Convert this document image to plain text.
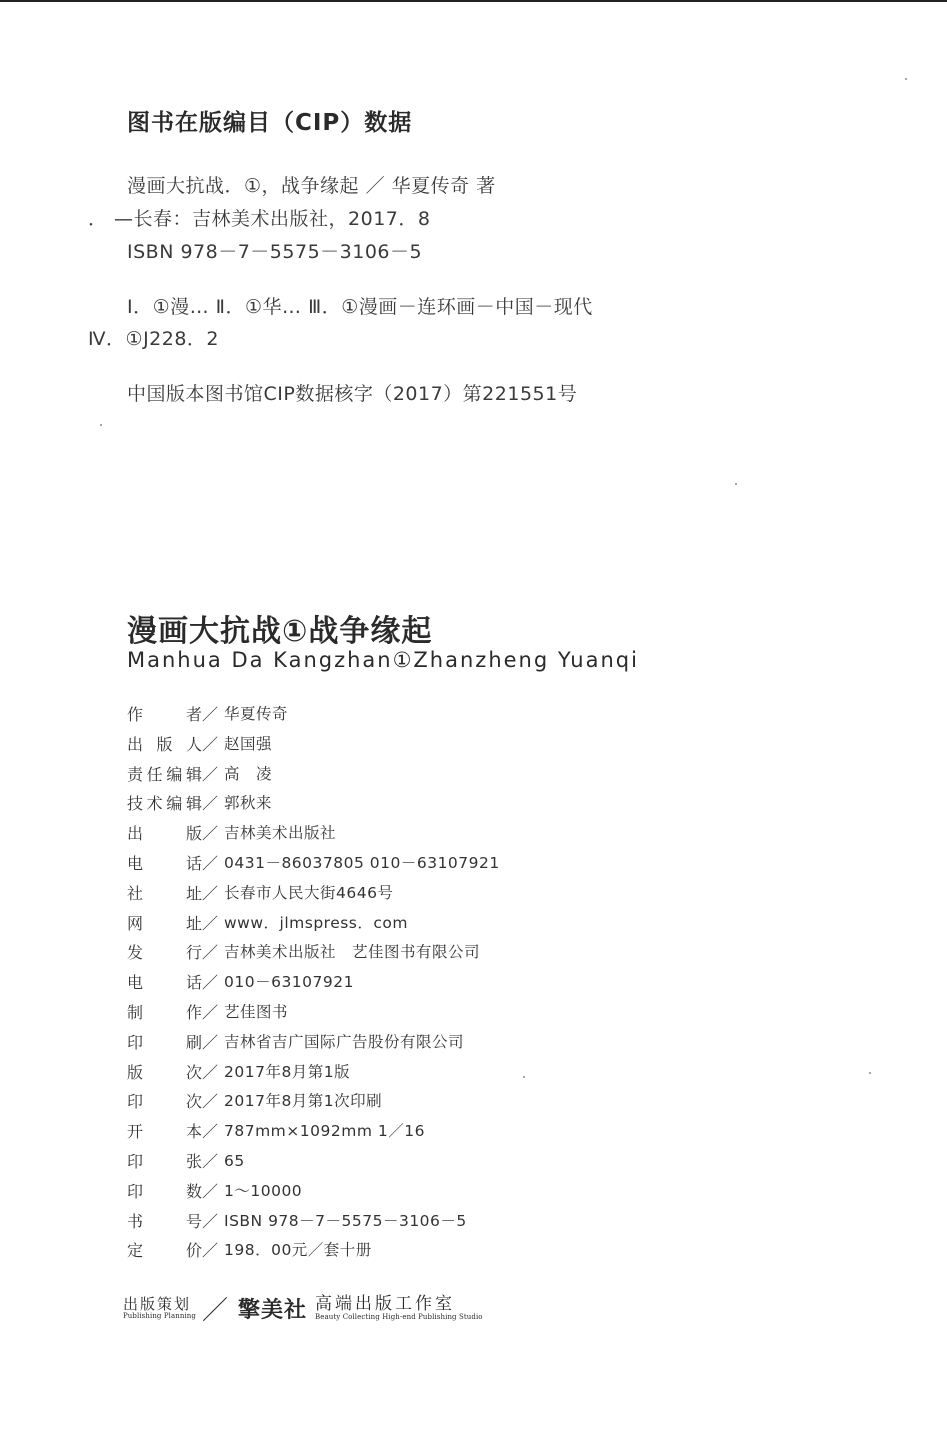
图书在版编目（CIP）数据
漫画大抗战．①，战争缘起 ／ 华夏传奇 著
． —长春：吉林美术出版社，2017．8
ISBN 978－7－5575－3106－5
Ⅰ．①漫… Ⅱ．①华… Ⅲ．①漫画－连环画－中国－现代
Ⅳ．①J228．2
中国版本图书馆CIP数据核字（2017）第221551号
漫画大抗战①战争缘起
Manhua Da Kangzhan①Zhanzheng Yuanqi
作	者 ／ 华夏传奇
出 版 人 ／ 赵国强
责 任 编 辑 ／ 高　凌
技 术 编 辑 ／ 郭秋来
出	版 ／ 吉林美术出版社
电	话 ／ 0431－86037805 010－63107921
社	址 ／ 长春市人民大街4646号
网	址 ／ www．jlmspress．com
发	行 ／ 吉林美术出版社　艺佳图书有限公司
电	话 ／ 010－63107921
制	作 ／ 艺佳图书
印	刷 ／ 吉林省吉广国际广告股份有限公司
版	次 ／ 2017年8月第1版
印	次 ／ 2017年8月第1次印刷
开	本 ／ 787mm×1092mm 1／16
印	张 ／ 65
印	数 ／ 1～10000
书	号 ／ ISBN 978－7－5575－3106－5
定	价 ／ 198．00元／套十册
出版策划
Publishing Planning ／ 擎美社 高端出版工作室
Beauty Collecting High-end Publishing Studio
